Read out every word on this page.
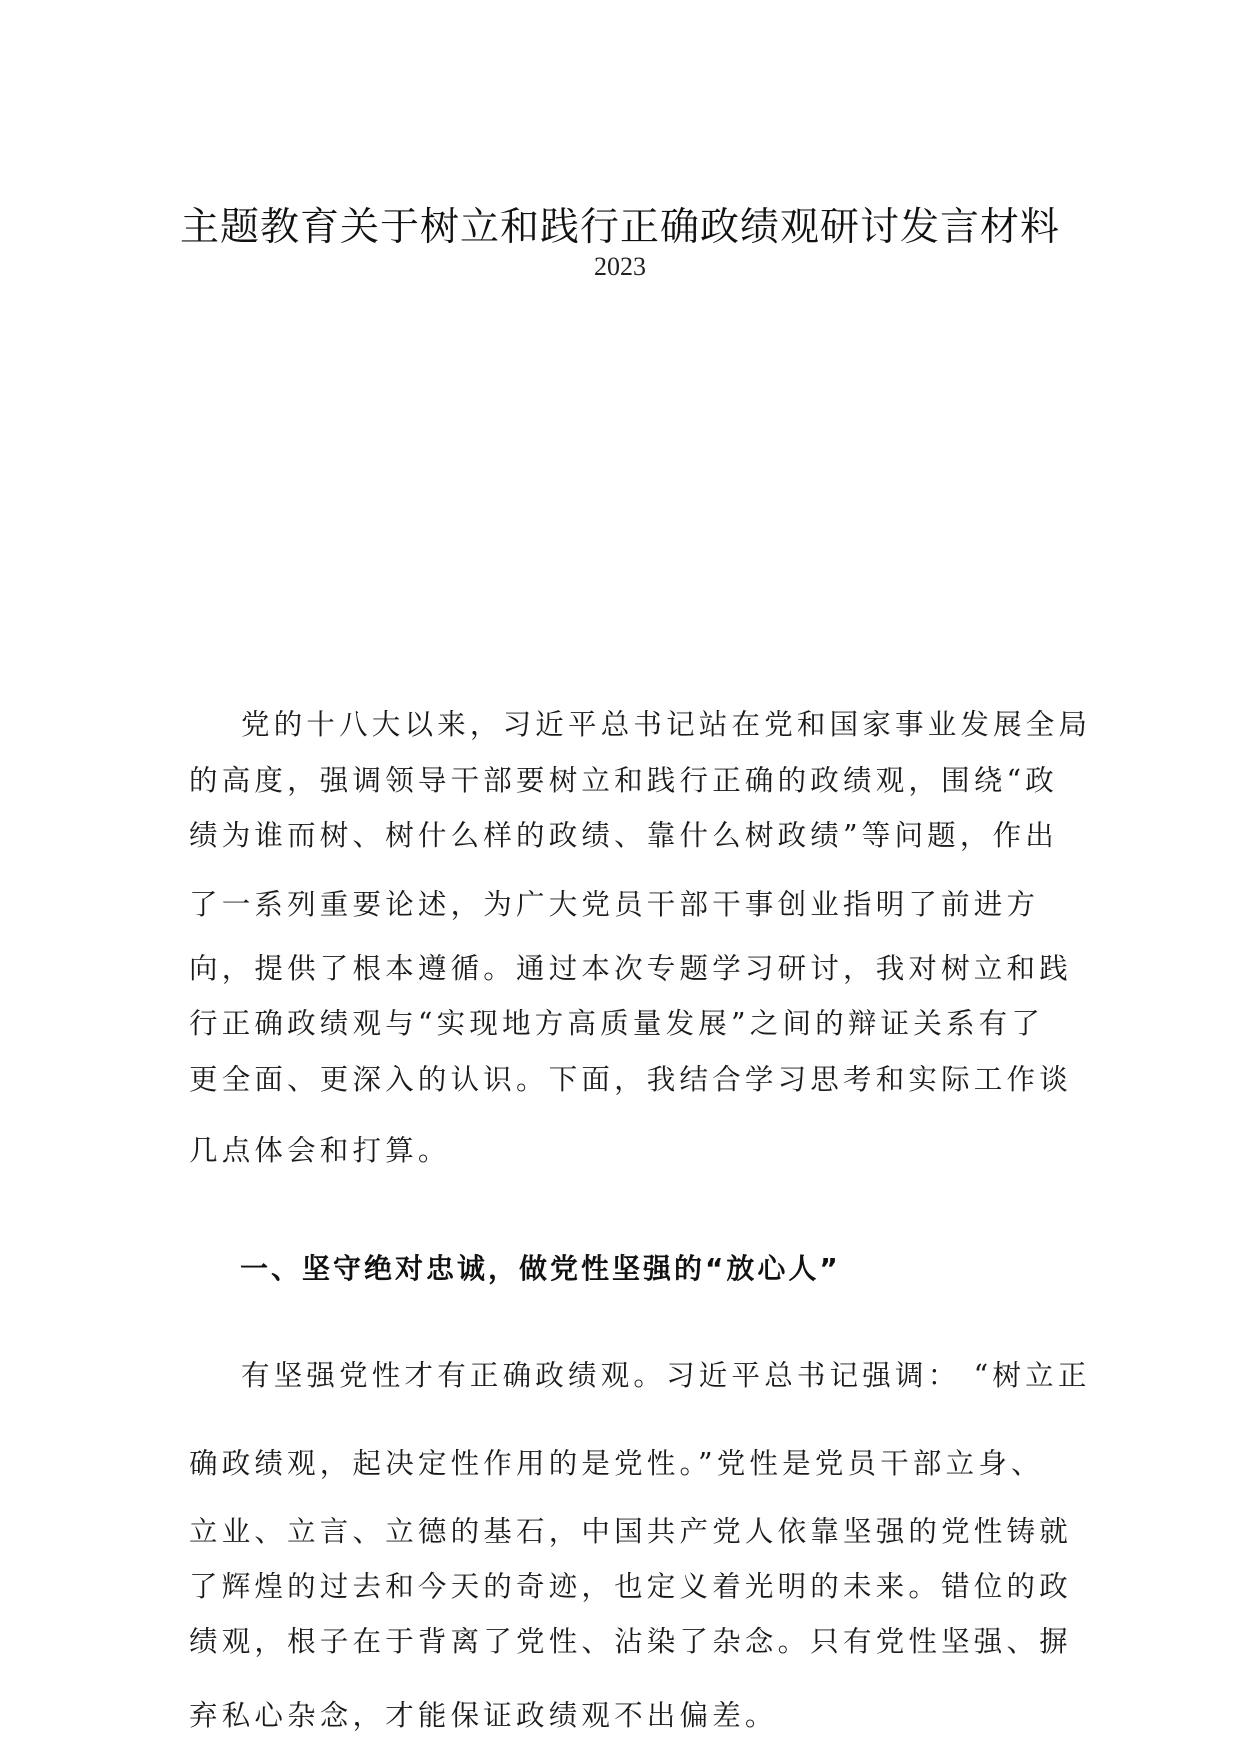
主题教育关于树立和践行正确政绩观研讨发言材料
2023
党的十八大以来，习近平总书记站在党和国家事业发展全局
的高度，强调领导干部要树立和践行正确的政绩观，围绕“政
绩为谁而树、树什么样的政绩、靠什么树政绩”等问题，作出
了一系列重要论述，为广大党员干部干事创业指明了前进方
向，提供了根本遵循。通过本次专题学习研讨，我对树立和践
行正确政绩观与“实现地方高质量发展”之间的辩证关系有了
更全面、更深入的认识。下面，我结合学习思考和实际工作谈
几点体会和打算。
一、坚守绝对忠诚，做党性坚强的“放心人”
有坚强党性才有正确政绩观。习近平总书记强调： “树立正
确政绩观，起决定性作用的是党性。”党性是党员干部立身、
立业、立言、立德的基石，中国共产党人依靠坚强的党性铸就
了辉煌的过去和今天的奇迹，也定义着光明的未来。错位的政
绩观，根子在于背离了党性、沾染了杂念。只有党性坚强、摒
弃私心杂念，才能保证政绩观不出偏差。
